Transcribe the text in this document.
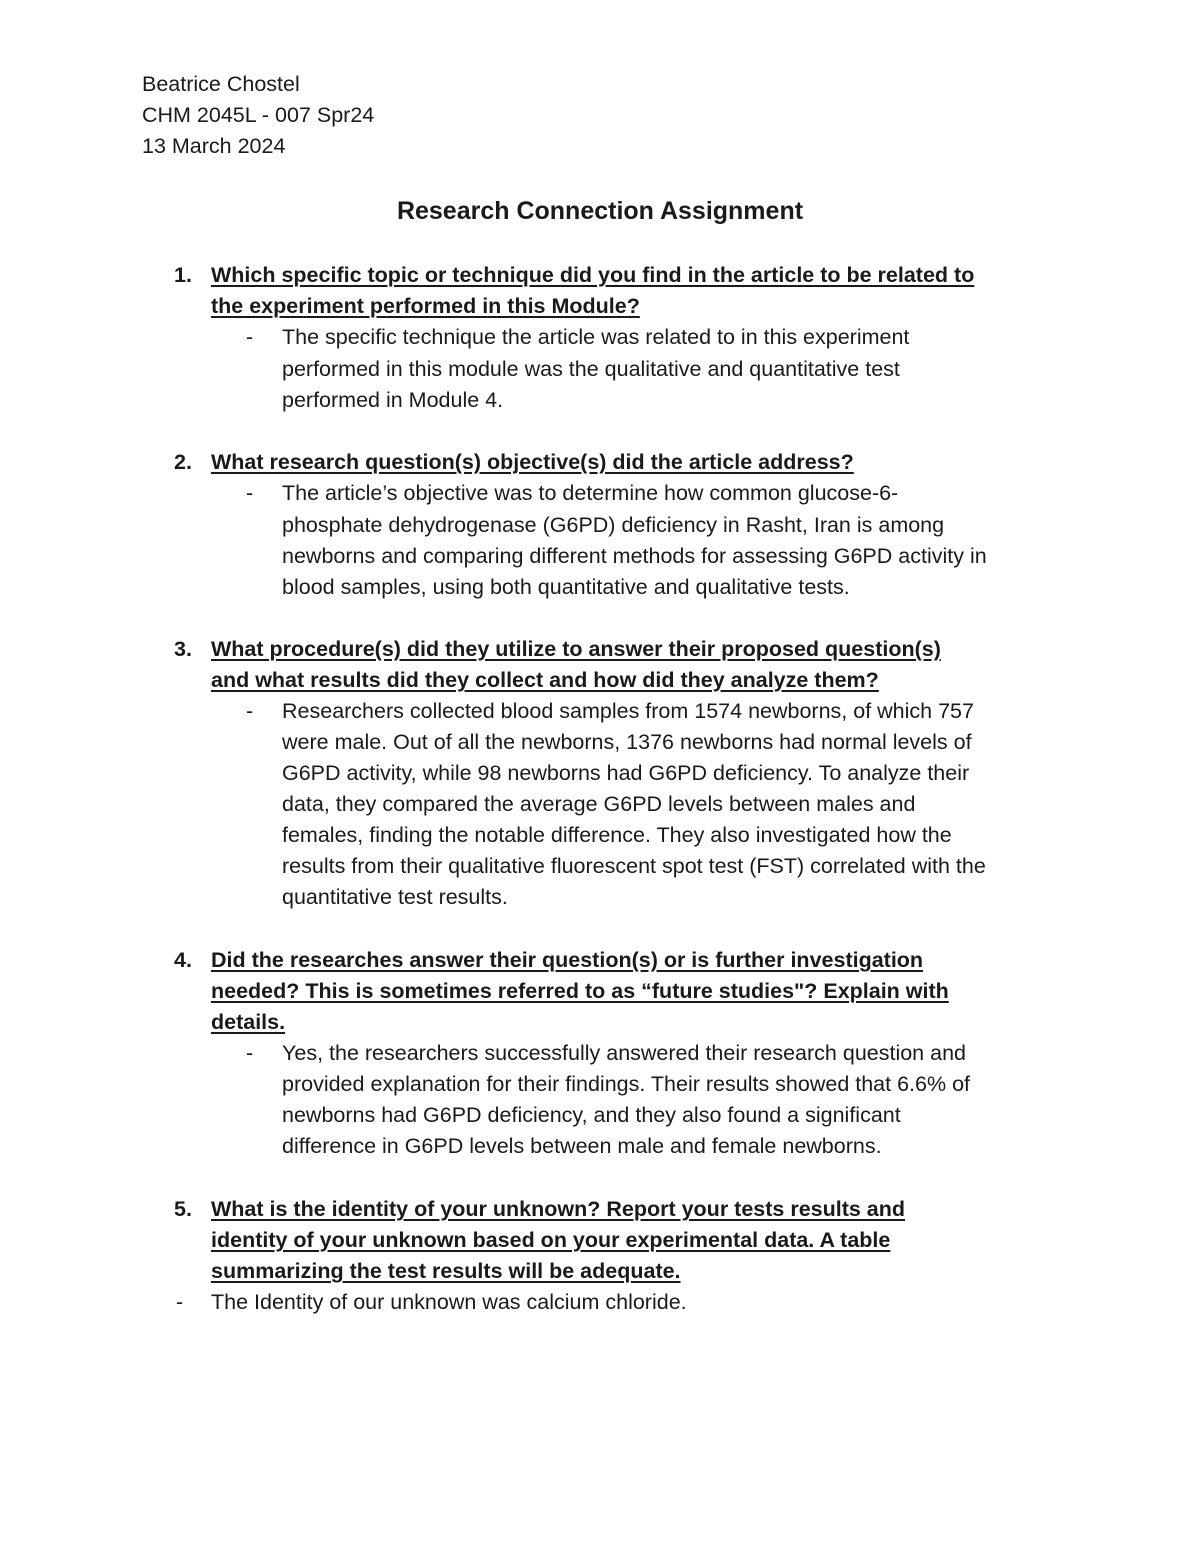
Beatrice Chostel
CHM 2045L - 007 Spr24
13 March 2024
Research Connection Assignment
1. Which specific topic or technique did you find in the article to be related to
the experiment performed in this Module?
- The specific technique the article was related to in this experiment
performed in this module was the qualitative and quantitative test
performed in Module 4.
2. What research question(s) objective(s) did the article address?
- The article’s objective was to determine how common glucose-6-
phosphate dehydrogenase (G6PD) deficiency in Rasht, Iran is among
newborns and comparing different methods for assessing G6PD activity in
blood samples, using both quantitative and qualitative tests.
3. What procedure(s) did they utilize to answer their proposed question(s)
and what results did they collect and how did they analyze them?
- Researchers collected blood samples from 1574 newborns, of which 757
were male. Out of all the newborns, 1376 newborns had normal levels of
G6PD activity, while 98 newborns had G6PD deficiency. To analyze their
data, they compared the average G6PD levels between males and
females, finding the notable difference. They also investigated how the
results from their qualitative fluorescent spot test (FST) correlated with the
quantitative test results.
4. Did the researches answer their question(s) or is further investigation
needed? This is sometimes referred to as “future studies"? Explain with
details.
- Yes, the researchers successfully answered their research question and
provided explanation for their findings. Their results showed that 6.6% of
newborns had G6PD deficiency, and they also found a significant
difference in G6PD levels between male and female newborns.
5. What is the identity of your unknown? Report your tests results and
identity of your unknown based on your experimental data. A table
summarizing the test results will be adequate.
- The Identity of our unknown was calcium chloride.
